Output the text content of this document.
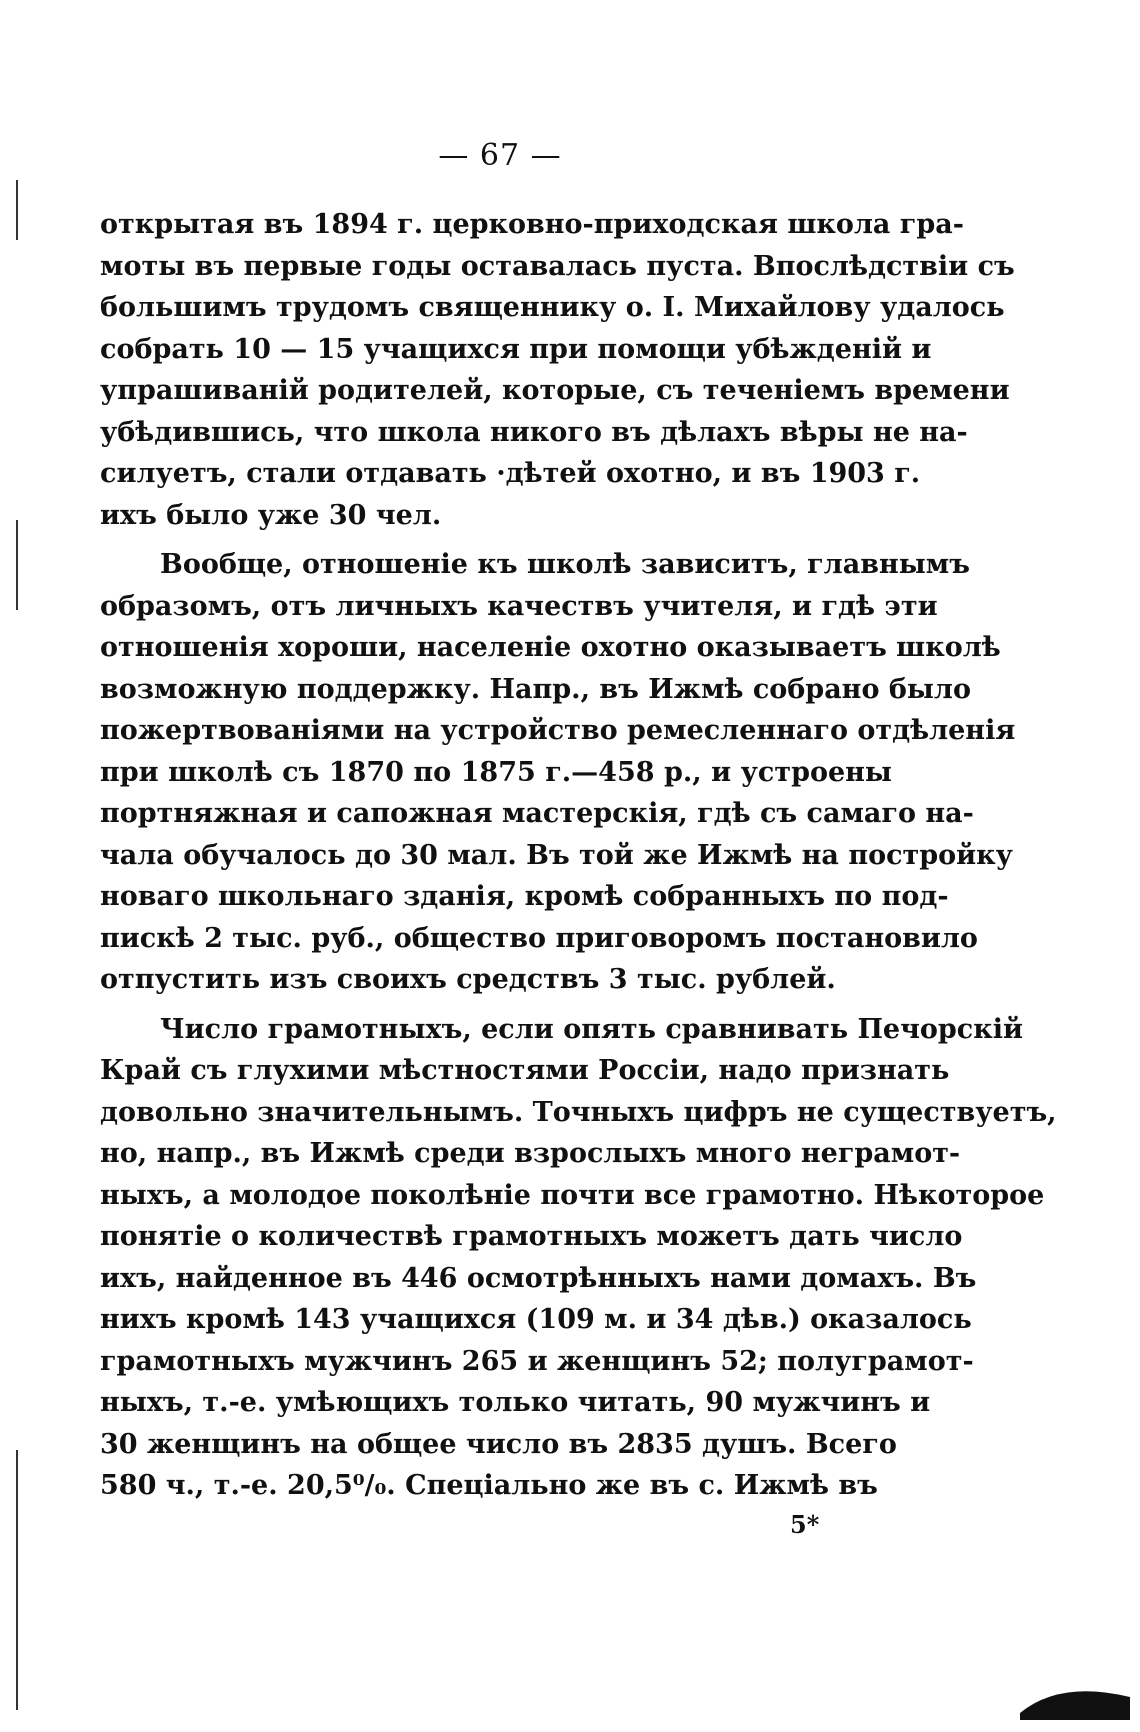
— 67 —
открытая въ 1894 г. церковно-приходская школа гра-
моты въ первые годы оставалась пуста. Впослѣдствіи съ
большимъ трудомъ священнику о. І. Михайлову удалось
собрать 10 — 15 учащихся при помощи убѣжденій и
упрашиваній родителей, которые, съ теченіемъ времени
убѣдившись, что школа никого въ дѣлахъ вѣры не на-
силуетъ, стали отдавать ·дѣтей охотно, и въ 1903 г.
ихъ было уже 30 чел.
Вообще, отношеніе къ школѣ зависитъ, главнымъ
образомъ, отъ личныхъ качествъ учителя, и гдѣ эти
отношенія хороши, населеніе охотно оказываетъ школѣ
возможную поддержку. Напр., въ Ижмѣ собрано было
пожертвованіями на устройство ремесленнаго отдѣленія
при школѣ съ 1870 по 1875 г.—458 р., и устроены
портняжная и сапожная мастерскія, гдѣ съ самаго на-
чала обучалось до 30 мал. Въ той же Ижмѣ на постройку
новаго школьнаго зданія, кромѣ собранныхъ по под-
пискѣ 2 тыс. руб., общество приговоромъ постановило
отпустить изъ своихъ средствъ 3 тыс. рублей.
Число грамотныхъ, если опять сравнивать Печорскій
Край съ глухими мѣстностями Россіи, надо признать
довольно значительнымъ. Точныхъ цифръ не существуетъ,
но, напр., въ Ижмѣ среди взрослыхъ много неграмот-
ныхъ, а молодое поколѣніе почти все грамотно. Нѣкоторое
понятіе о количествѣ грамотныхъ можетъ дать число
ихъ, найденное въ 446 осмотрѣнныхъ нами домахъ. Въ
нихъ кромѣ 143 учащихся (109 м. и 34 дѣв.) оказалось
грамотныхъ мужчинъ 265 и женщинъ 52; полуграмот-
ныхъ, т.-е. умѣющихъ только читать, 90 мужчинъ и
30 женщинъ на общее число въ 2835 душъ. Всего
580 ч., т.-е. 20,5⁰/₀. Спеціально же въ с. Ижмѣ въ
5*
